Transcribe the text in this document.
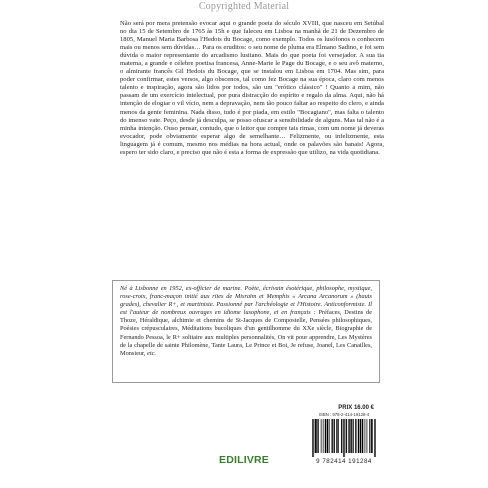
Copyrighted Material

Não será por mera pretensão evocar aqui o grande poeta do século XVIII, que nasceu em Setúbal no dia 15 de Setembro de 1765 às 15h e que faleceu em Lisboa na manhã de 21 de Dezembro de 1805, Manuel Maria Barbosa l'Hedois du Bocage, como exemplo. Todos os lusófonos o conhecem mais ou menos sem dúvidas… Para os eruditos: o seu nome de pluma era Elmano Sadino, e foi sem dúvida o maior representante do arcadismo lusitano. Mais do que poeta foi versejador. A sua tia materna, a grande e célebre poetisa francesa, Anne-Marie le Page du Bocage, e o seu avô materno, o almirante francês Gil Hedois du Bocage, que se instalou em Lisboa em 1704. Mas sim, para poder confirmar, estes versos, algo obscenos, tal como fez Bocage na sua época, claro com menos talento e inspiração, agora são lidos por todos, são um "erótico clássico" ! Quanto a mim, não passam de um exercício intelectual, por pura distracção do espírito e regalo da alma. Aqui, não há intenção de elogiar o vil vício, nem a depravação, nem tão pouco faltar ao respeito do clero, e ainda menos da gente feminina. Nada disso, tudo é por piada, em estilo "Bocagiano", mas falta o talento do imenso vate. Peço, desde já desculpa, se posso ofuscar a sensibilidade de alguns. Mas tal não é a minha intenção. Ouso pensar, contudo, que o leitor que compre tais rimas, com um nome já deveras evocador, pode obviamente esperar algo de semelhante… Felizmente, ou infelizmente, esta linguagem já é comum, mesmo nos médias na hora actual, onde os palavões são banais! Agora, espero ter sido claro, e preciso que não é esta a forma de expressão que utilizo, na vida quotidiana.

Né à Lisbonne en 1952, ex-officier de marine. Poète, écrivain ésotérique, philosophe, mystique, rose-croix, franc-maçon initié aux rites de Misraïm et Memphis « Arcana Arcanorum » (hauts grades), chevalier R+, et martiniste. Passionné par l'archéologie et l'Histoire. Anticonformiste. Il est l'auteur de nombreux ouvrages en idiome lusophone, et en français : Préfaces, Destins de Thoze, Héraldique, alchimie et chemins de St-Jacques de Compostelle, Pensées philosophiques, Poésies crépusculaires, Méditations bucoliques d'un gentilhomme du XXe siècle, Biographie de Fernando Pessoa, le R+ solitaire aux multiples personnalités, On vit pour apprendre, Les Mystères de la chapelle de sainte Philomène, Tante Laura, Le Prince et Boi, Je refuse, Joanel, Les Canailles, Monsieur, etc.

PRIX 16.00 €
ISBN : 978-2-414-19128-4
9 782414 191284
EDILIVRE
